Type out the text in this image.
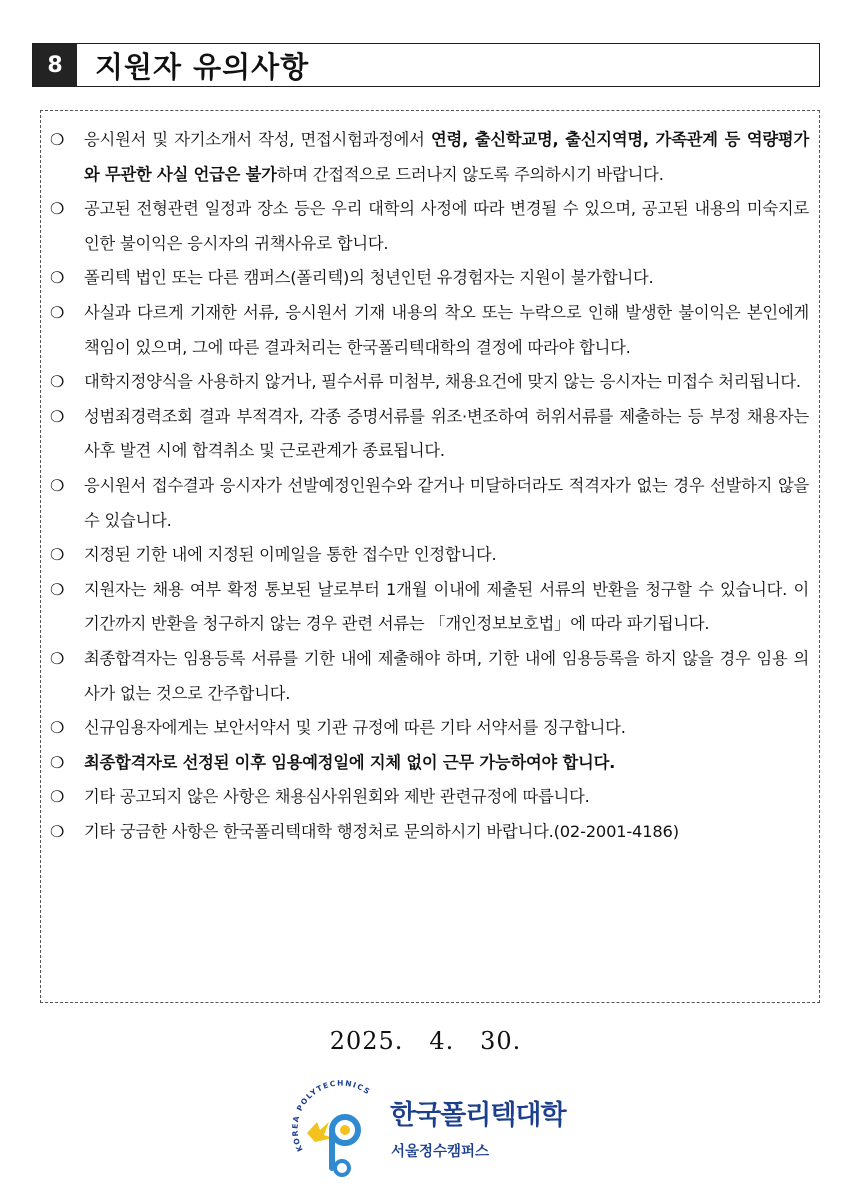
8	지원자 유의사항
❍	응시원서 및 자기소개서 작성, 면접시험과정에서 연령, 출신학교명, 출신지역명, 가족관계 등 역량평가와 무관한 사실 언급은 불가하며 간접적으로 드러나지 않도록 주의하시기 바랍니다.
❍	공고된 전형관련 일정과 장소 등은 우리 대학의 사정에 따라 변경될 수 있으며, 공고된 내용의 미숙지로 인한 불이익은 응시자의 귀책사유로 합니다.
❍	폴리텍 법인 또는 다른 캠퍼스(폴리텍)의 청년인턴 유경험자는 지원이 불가합니다.
❍	사실과 다르게 기재한 서류, 응시원서 기재 내용의 착오 또는 누락으로 인해 발생한 불이익은 본인에게 책임이 있으며, 그에 따른 결과처리는 한국폴리텍대학의 결정에 따라야 합니다.
❍	대학지정양식을 사용하지 않거나, 필수서류 미첨부, 채용요건에 맞지 않는 응시자는 미접수 처리됩니다.
❍	성범죄경력조회 결과 부적격자, 각종 증명서류를 위조·변조하여 허위서류를 제출하는 등 부정 채용자는 사후 발견 시에 합격취소 및 근로관계가 종료됩니다.
❍	응시원서 접수결과 응시자가 선발예정인원수와 같거나 미달하더라도 적격자가 없는 경우 선발하지 않을 수 있습니다.
❍	지정된 기한 내에 지정된 이메일을 통한 접수만 인정합니다.
❍	지원자는 채용 여부 확정 통보된 날로부터 1개월 이내에 제출된 서류의 반환을 청구할 수 있습니다. 이 기간까지 반환을 청구하지 않는 경우 관련 서류는 「개인정보보호법」에 따라 파기됩니다.
❍	최종합격자는 임용등록 서류를 기한 내에 제출해야 하며, 기한 내에 임용등록을 하지 않을 경우 임용 의사가 없는 것으로 간주합니다.
❍	신규임용자에게는 보안서약서 및 기관 규정에 따른 기타 서약서를 징구합니다.
❍	최종합격자로 선정된 이후 임용예정일에 지체 없이 근무 가능하여야 합니다.
❍	기타 공고되지 않은 사항은 채용심사위원회와 제반 관련규정에 따릅니다.
❍	기타 궁금한 사항은 한국폴리텍대학 행정처로 문의하시기 바랍니다.(02-2001-4186)
2025.   4.   30.
KOREA POLYTECHNICS
한국폴리텍대학
서울정수캠퍼스
